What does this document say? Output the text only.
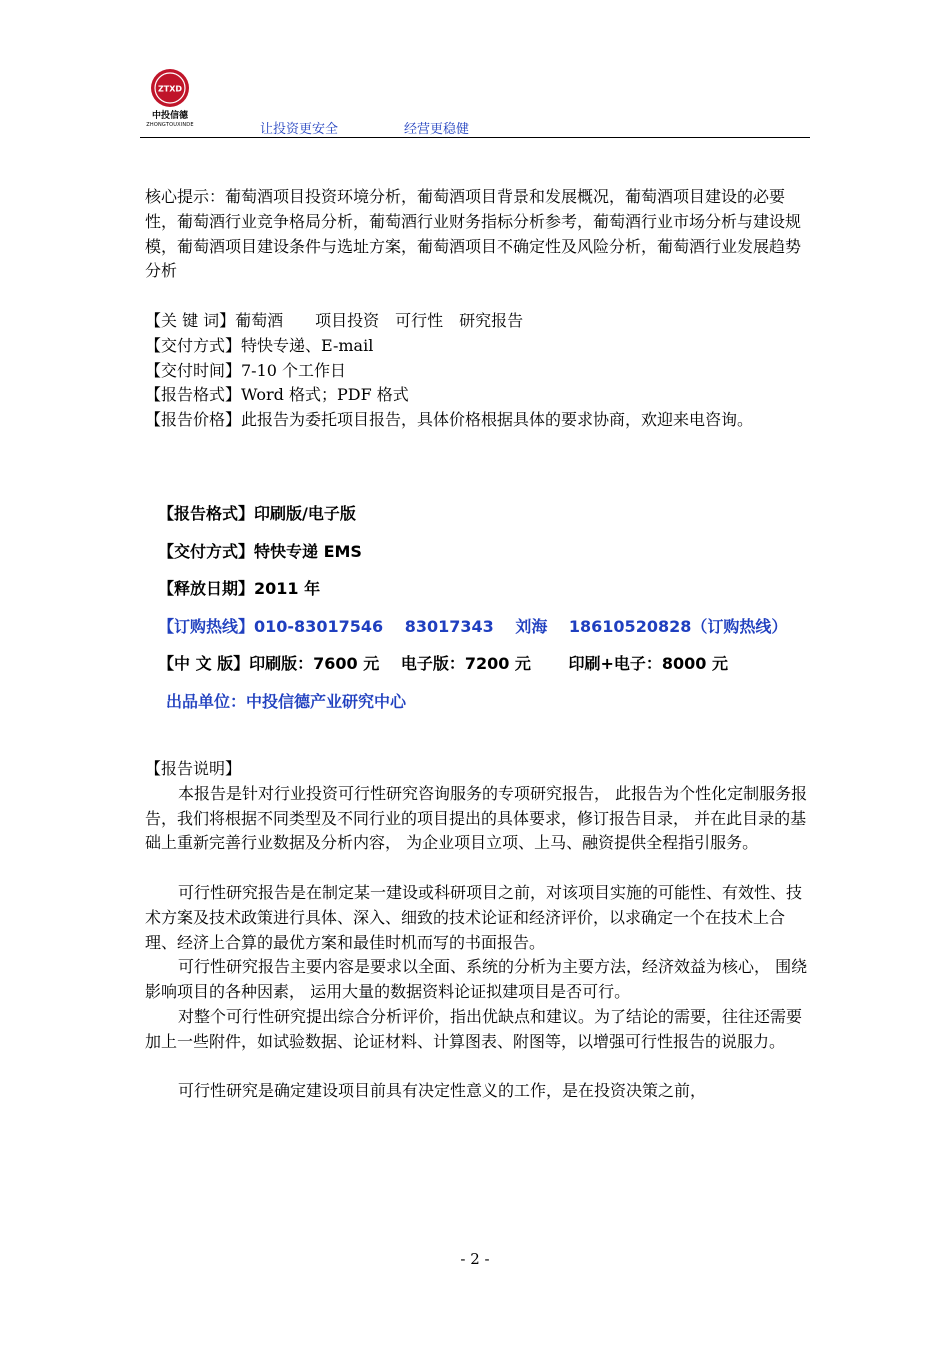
ZTXD
中投信德
ZHONGTOUXINDE	让投资更安全	经营更稳健

核心提示：葡萄酒项目投资环境分析，葡萄酒项目背景和发展概况，葡萄酒项目建设的必要性，葡萄酒行业竞争格局分析，葡萄酒行业财务指标分析参考，葡萄酒行业市场分析与建设规模，葡萄酒项目建设条件与选址方案，葡萄酒项目不确定性及风险分析，葡萄酒行业发展趋势分析

【关 键 词】葡萄酒　　项目投资　可行性　研究报告

【交付方式】特快专递、E-mail

【交付时间】7-10 个工作日

【报告格式】Word 格式；PDF 格式

【报告价格】此报告为委托项目报告，具体价格根据具体的要求协商，欢迎来电咨询。

【报告格式】印刷版/电子版
【交付方式】特快专递 EMS
【释放日期】2011 年
【订购热线】010-83017546　 83017343　 刘海　 18610520828（订购热线）
【中 文 版】印刷版：7600 元　 电子版：7200 元　　 印刷+电子：8000 元
出品单位：中投信德产业研究中心

【报告说明】

本报告是针对行业投资可行性研究咨询服务的专项研究报告， 此报告为个性化定制服务报告，我们将根据不同类型及不同行业的项目提出的具体要求，修订报告目录， 并在此目录的基础上重新完善行业数据及分析内容， 为企业项目立项、上马、融资提供全程指引服务。

可行性研究报告是在制定某一建设或科研项目之前，对该项目实施的可能性、有效性、技术方案及技术政策进行具体、深入、细致的技术论证和经济评价，以求确定一个在技术上合理、经济上合算的最优方案和最佳时机而写的书面报告。

可行性研究报告主要内容是要求以全面、系统的分析为主要方法，经济效益为核心， 围绕影响项目的各种因素， 运用大量的数据资料论证拟建项目是否可行。

对整个可行性研究提出综合分析评价，指出优缺点和建议。为了结论的需要，往往还需要加上一些附件，如试验数据、论证材料、计算图表、附图等，以增强可行性报告的说服力。

可行性研究是确定建设项目前具有决定性意义的工作，是在投资决策之前，

- 2 -
